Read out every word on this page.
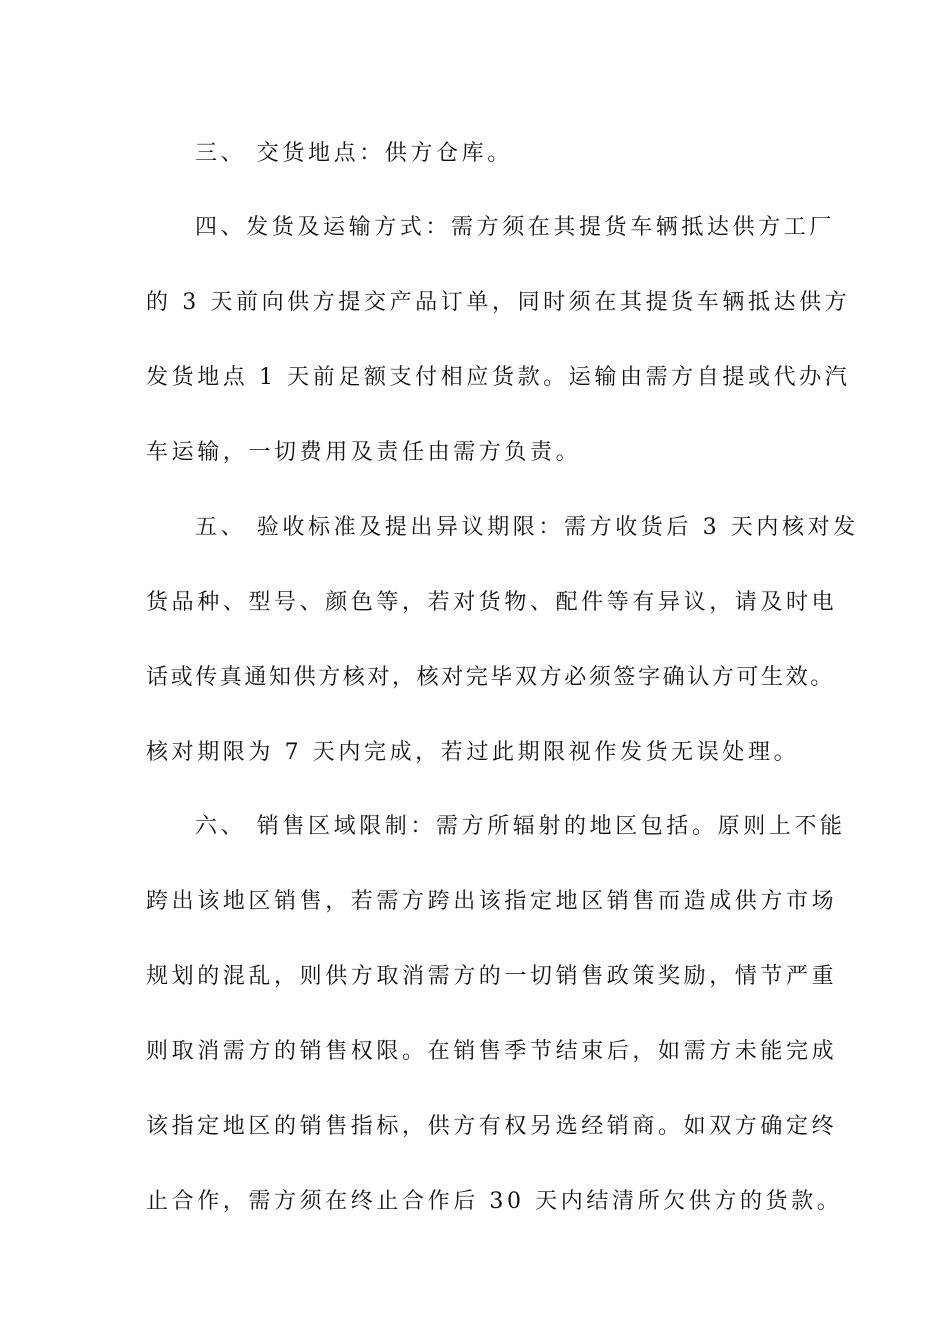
三、 交货地点：供方仓库。
四、发货及运输方式：需方须在其提货车辆抵达供方工厂
的 3 天前向供方提交产品订单，同时须在其提货车辆抵达供方
发货地点 1 天前足额支付相应货款。运输由需方自提或代办汽
车运输，一切费用及责任由需方负责。
五、 验收标准及提出异议期限：需方收货后 3 天内核对发
货品种、型号、颜色等，若对货物、配件等有异议，请及时电
话或传真通知供方核对，核对完毕双方必须签字确认方可生效。
核对期限为 7 天内完成，若过此期限视作发货无误处理。
六、 销售区域限制：需方所辐射的地区包括。原则上不能
跨出该地区销售，若需方跨出该指定地区销售而造成供方市场
规划的混乱，则供方取消需方的一切销售政策奖励，情节严重
则取消需方的销售权限。在销售季节结束后，如需方未能完成
该指定地区的销售指标，供方有权另选经销商。如双方确定终
止合作，需方须在终止合作后 30 天内结清所欠供方的货款。
